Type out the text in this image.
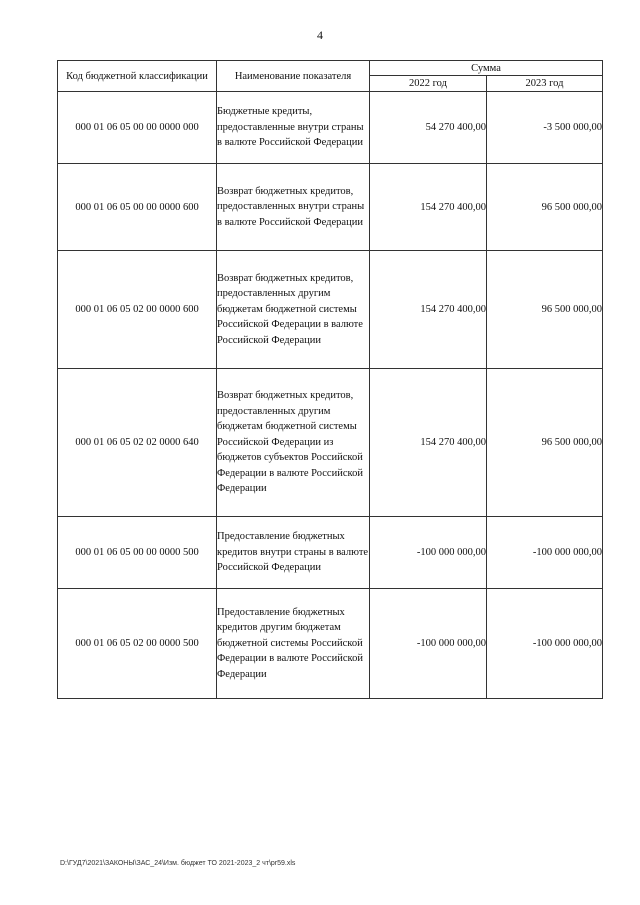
4
Код бюджетной классификации	Наименование показателя	Сумма	
		2022 год	2023 год
000 01 06 05 00 00 0000 000	Бюджетные кредиты, предоставленные внутри страны в валюте Российской Федерации	54 270 400,00	-3 500 000,00
000 01 06 05 00 00 0000 600	Возврат бюджетных кредитов, предоставленных внутри страны в валюте Российской Федерации	154 270 400,00	96 500 000,00
000 01 06 05 02 00 0000 600	Возврат бюджетных кредитов, предоставленных другим бюджетам бюджетной системы Российской Федерации в валюте Российской Федерации	154 270 400,00	96 500 000,00
000 01 06 05 02 02 0000 640	Возврат бюджетных кредитов, предоставленных другим бюджетам бюджетной системы Российской Федерации из бюджетов субъектов Российской Федерации в валюте Российской Федерации	154 270 400,00	96 500 000,00
000 01 06 05 00 00 0000 500	Предоставление бюджетных кредитов внутри страны в валюте Российской Федерации	-100 000 000,00	-100 000 000,00
000 01 06 05 02 00 0000 500	Предоставление бюджетных кредитов другим бюджетам бюджетной системы Российской Федерации в валюте Российской Федерации	-100 000 000,00	-100 000 000,00
D:\ГУД7\2021\ЗАКОНЫ\ЗАС_24\Изм. бюджет ТО 2021-2023_2 чт\pr59.xls
